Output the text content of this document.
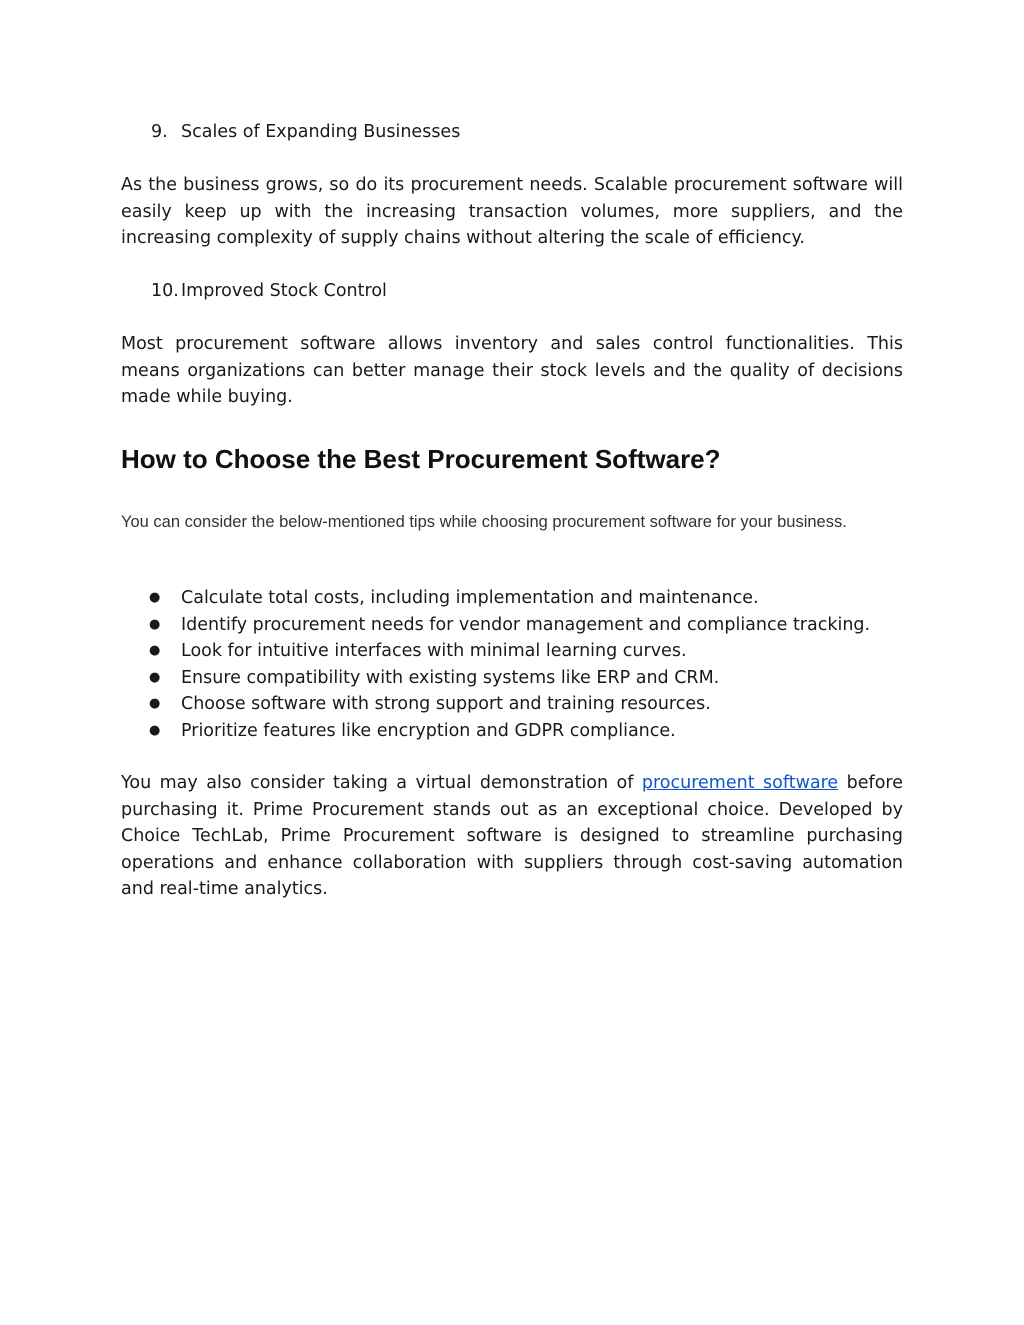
9. Scales of Expanding Businesses

As the business grows, so do its procurement needs. Scalable procurement software will easily keep up with the increasing transaction volumes, more suppliers, and the increasing complexity of supply chains without altering the scale of efficiency.

10. Improved Stock Control

Most procurement software allows inventory and sales control functionalities. This means organizations can better manage their stock levels and the quality of decisions made while buying.

How to Choose the Best Procurement Software?

You can consider the below-mentioned tips while choosing procurement software for your business.

● Calculate total costs, including implementation and maintenance.
● Identify procurement needs for vendor management and compliance tracking.
● Look for intuitive interfaces with minimal learning curves.
● Ensure compatibility with existing systems like ERP and CRM.
● Choose software with strong support and training resources.
● Prioritize features like encryption and GDPR compliance.

You may also consider taking a virtual demonstration of procurement software before purchasing it. Prime Procurement stands out as an exceptional choice. Developed by Choice TechLab, Prime Procurement software is designed to streamline purchasing operations and enhance collaboration with suppliers through cost-saving automation and real-time analytics.
